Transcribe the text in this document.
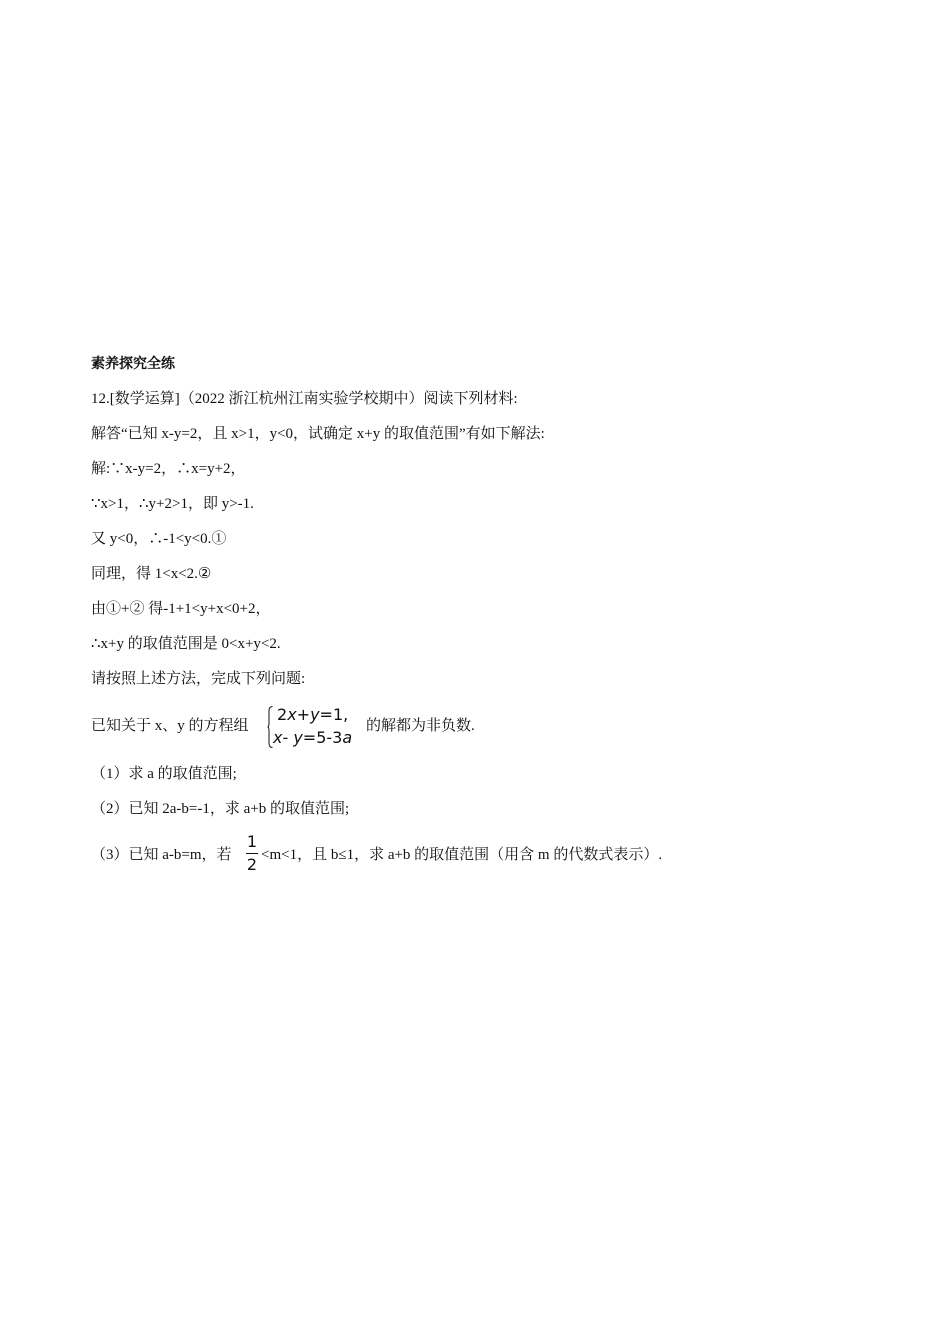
素养探究全练
12.[数学运算]（2022 浙江杭州江南实验学校期中）阅读下列材料:
解答“已知 x-y=2，且 x>1，y<0，试确定 x+y 的取值范围”有如下解法:
解:∵x-y=2，∴x=y+2，
∵x>1，∴y+2>1，即 y>-1.
又 y<0，∴-1<y<0.①
同理，得 1<x<2.②
由①+② 得-1+1<y+x<0+2，
∴x+y 的取值范围是 0<x+y<2.
请按照上述方法，完成下列问题:
已知关于 x、y 的方程组
2x+y=1,
x- y=5-3a
的解都为非负数.
（1）求 a 的取值范围;
（2）已知 2a-b=-1，求 a+b 的取值范围;
（3）已知 a-b=m，若
1
2 <m<1，且 b≤1，求 a+b 的取值范围（用含 m 的代数式表示）.
